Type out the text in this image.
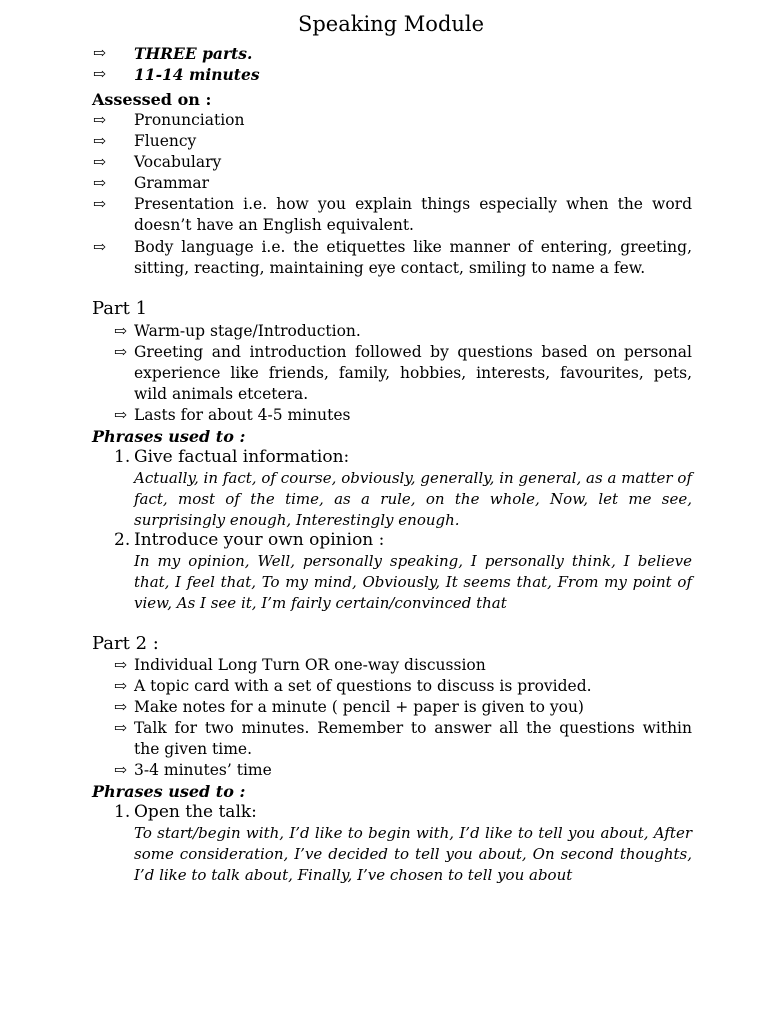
Speaking Module
⇨	THREE parts.
⇨	11-14 minutes
Assessed on :
⇨	Pronunciation
⇨	Fluency
⇨	Vocabulary
⇨	Grammar
⇨	Presentation i.e. how you explain things especially when the word doesn’t have an English equivalent.
⇨	Body language i.e. the etiquettes like manner of entering, greeting, sitting, reacting, maintaining eye contact, smiling to name a few.
Part 1
⇨ Warm-up stage/Introduction.
⇨ Greeting and introduction followed by questions based on personal experience like friends, family, hobbies, interests, favourites, pets, wild animals etcetera.
⇨ Lasts for about 4-5 minutes
Phrases used to :
1. Give factual information:
Actually, in fact, of course, obviously, generally, in general, as a matter of fact, most of the time, as a rule, on the whole, Now, let me see, surprisingly enough, Interestingly enough.
2. Introduce your own opinion :
In my opinion, Well, personally speaking, I personally think, I believe that, I feel that, To my mind, Obviously, It seems that, From my point of view, As I see it, I’m fairly certain/convinced that
Part 2 :
⇨ Individual Long Turn OR one-way discussion
⇨ A topic card with a set of questions to discuss is provided.
⇨ Make notes for a minute ( pencil + paper is given to you)
⇨ Talk for two minutes. Remember to answer all the questions within the given time.
⇨ 3-4 minutes’ time
Phrases used to :
1. Open the talk:
To start/begin with, I’d like to begin with, I’d like to tell you about, After some consideration, I’ve decided to tell you about, On second thoughts, I’d like to talk about, Finally, I’ve chosen to tell you about
